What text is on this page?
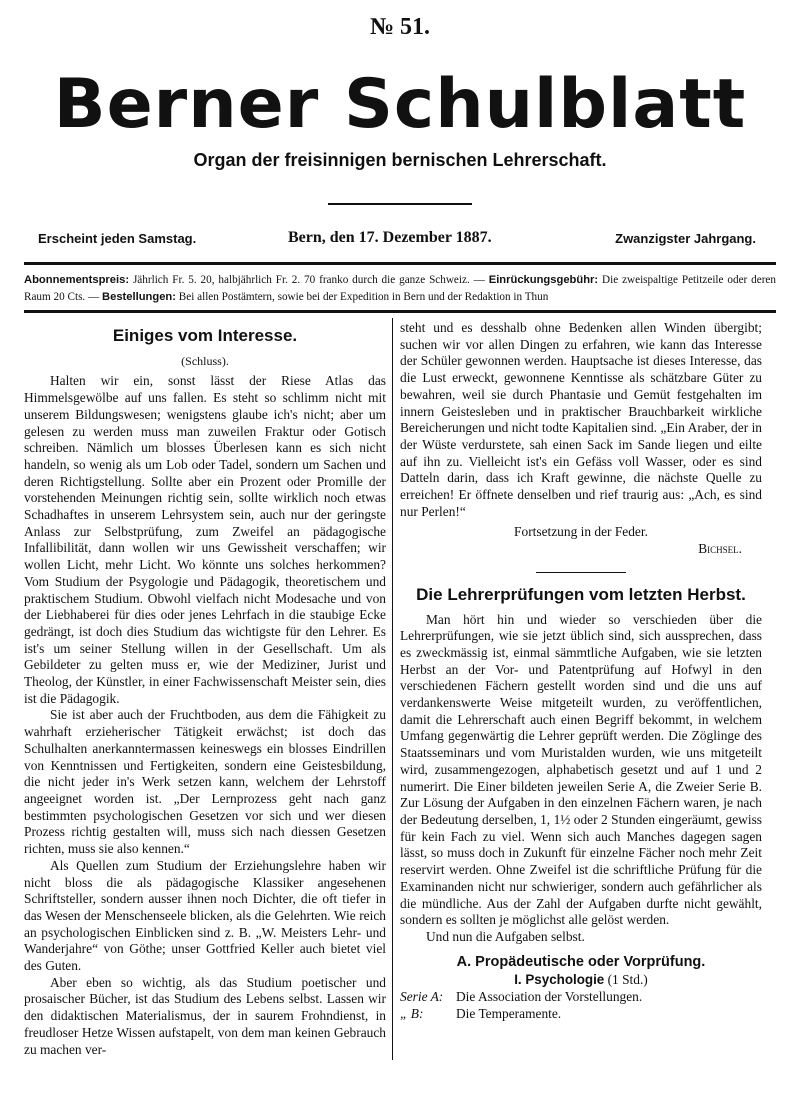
№ 51.
Berner Schulblatt
Organ der freisinnigen bernischen Lehrerschaft.
Erscheint jeden Samstag.	Bern, den 17. Dezember 1887.	Zwanzigster Jahrgang.
Abonnementspreis: Jährlich Fr. 5. 20, halbjährlich Fr. 2. 70 franko durch die ganze Schweiz. — Einrückungsgebühr: Die zweispaltige Petitzeile oder deren Raum 20 Cts. — Bestellungen: Bei allen Postämtern, sowie bei der Expedition in Bern und der Redaktion in Thun
Einiges vom Interesse.
(Schluss).

Halten wir ein, sonst lässt der Riese Atlas das Himmelsgewölbe auf uns fallen. Es steht so schlimm nicht mit unserem Bildungswesen; wenigstens glaube ich's nicht; aber um gelesen zu werden muss man zuweilen Fraktur oder Gotisch schreiben. Nämlich um blosses Überlesen kann es sich nicht handeln, so wenig als um Lob oder Tadel, sondern um Sachen und deren Richtigstellung. Sollte aber ein Prozent oder Promille der vorstehenden Meinungen richtig sein, sollte wirklich noch etwas Schadhaftes in unserem Lehrsystem sein, auch nur der geringste Anlass zur Selbstprüfung, zum Zweifel an pädagogische Infallibilität, dann wollen wir uns Gewissheit verschaffen; wir wollen Licht, mehr Licht. Wo könnte uns solches herkommen? Vom Studium der Psygologie und Pädagogik, theoretischem und praktischem Studium. Obwohl vielfach nicht Modesache und von der Liebhaberei für dies oder jenes Lehrfach in die staubige Ecke gedrängt, ist doch dies Studium das wichtigste für den Lehrer. Es ist's um seiner Stellung willen in der Gesellschaft. Um als Gebildeter zu gelten muss er, wie der Mediziner, Jurist und Theolog, der Künstler, in einer Fachwissenschaft Meister sein, dies ist die Pädagogik.

Sie ist aber auch der Fruchtboden, aus dem die Fähigkeit zu wahrhaft erzieherischer Tätigkeit erwächst; ist doch das Schulhalten anerkanntermassen keineswegs ein blosses Eindrillen von Kenntnissen und Fertigkeiten, sondern eine Geistesbildung, die nicht jeder in's Werk setzen kann, welchem der Lehrstoff angeeignet worden ist. „Der Lernprozess geht nach ganz bestimmten psychologischen Gesetzen vor sich und wer diesen Prozess richtig gestalten will, muss sich nach diessen Gesetzen richten, muss sie also kennen.“

Als Quellen zum Studium der Erziehungslehre haben wir nicht bloss die als pädagogische Klassiker angesehenen Schriftsteller, sondern ausser ihnen noch Dichter, die oft tiefer in das Wesen der Menschenseele blicken, als die Gelehrten. Wie reich an psychologischen Einblicken sind z. B. „W. Meisters Lehr- und Wanderjahre“ von Göthe; unser Gottfried Keller auch bietet viel des Guten.

Aber eben so wichtig, als das Studium poetischer und prosaischer Bücher, ist das Studium des Lebens selbst. Lassen wir den didaktischen Materialismus, der in saurem Frohndienst, in freudloser Hetze Wissen aufstapelt, von dem man keinen Gebrauch zu machen ver-

steht und es desshalb ohne Bedenken allen Winden übergibt; suchen wir vor allen Dingen zu erfahren, wie kann das Interesse der Schüler gewonnen werden. Hauptsache ist dieses Interesse, das die Lust erweckt, gewonnene Kenntisse als schätzbare Güter zu bewahren, weil sie durch Phantasie und Gemüt festgehalten im innern Geistesleben und in praktischer Brauchbarkeit wirkliche Bereicherungen und nicht todte Kapitalien sind. „Ein Araber, der in der Wüste verdurstete, sah einen Sack im Sande liegen und eilte auf ihn zu. Vielleicht ist's ein Gefäss voll Wasser, oder es sind Datteln darin, dass ich Kraft gewinne, die nächste Quelle zu erreichen! Er öffnete denselben und rief traurig aus: „Ach, es sind nur Perlen!“

Fortsetzung in der Feder.
Bichsel.
Die Lehrerprüfungen vom letzten Herbst.

Man hört hin und wieder so verschieden über die Lehrerprüfungen, wie sie jetzt üblich sind, sich aussprechen, dass es zweckmässig ist, einmal sämmtliche Aufgaben, wie sie letzten Herbst an der Vor- und Patentprüfung auf Hofwyl in den verschiedenen Fächern gestellt worden sind und die uns auf verdankenswerte Weise mitgeteilt wurden, zu veröffentlichen, damit die Lehrerschaft auch einen Begriff bekommt, in welchem Umfang gegenwärtig die Lehrer geprüft werden. Die Zöglinge des Staatsseminars und vom Muristalden wurden, wie uns mitgeteilt wird, zusammengezogen, alphabetisch gesetzt und auf 1 und 2 numerirt. Die Einer bildeten jeweilen Serie A, die Zweier Serie B. Zur Lösung der Aufgaben in den einzelnen Fächern waren, je nach der Bedeutung derselben, 1, 1½ oder 2 Stunden eingeräumt, gewiss für kein Fach zu viel. Wenn sich auch Manches dagegen sagen lässt, so muss doch in Zukunft für einzelne Fächer noch mehr Zeit reservirt werden. Ohne Zweifel ist die schriftliche Prüfung für die Examinanden nicht nur schwieriger, sondern auch gefährlicher als die mündliche. Aus der Zahl der Aufgaben durfte nicht gewählt, sondern es sollten je möglichst alle gelöst werden.

Und nun die Aufgaben selbst.

A. Propädeutische oder Vorprüfung.
I. Psychologie (1 Std.)
Serie A: Die Association der Vorstellungen.
„ B: Die Temperamente.
